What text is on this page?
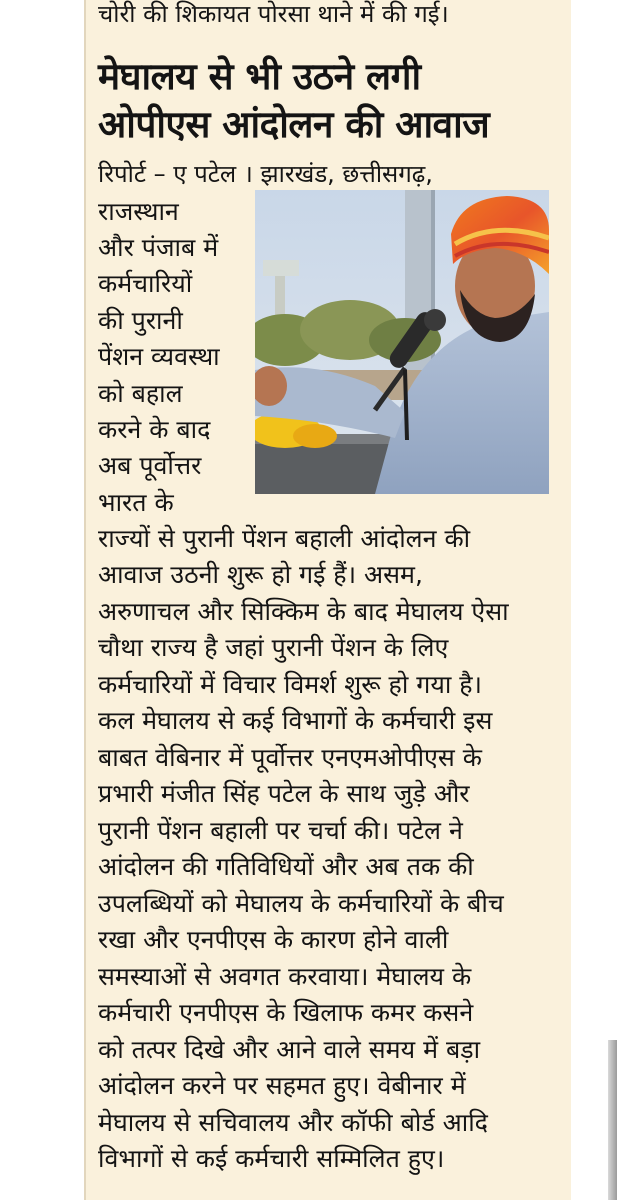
चोरी की शिकायत पोरसा थाने में की गई।
मेघालय से भी उठने लगी
ओपीएस आंदोलन की आवाज
रिपोर्ट – ए पटेल । झारखंड, छत्तीसगढ़,
राजस्थान
और पंजाब में
कर्मचारियों
की पुरानी
पेंशन व्यवस्था
को बहाल
करने के बाद
अब पूर्वोत्तर
भारत के
राज्यों से पुरानी पेंशन बहाली आंदोलन की
आवाज उठनी शुरू हो गई हैं। असम,
अरुणाचल और सिक्किम के बाद मेघालय ऐसा
चौथा राज्य है जहां पुरानी पेंशन के लिए
कर्मचारियों में विचार विमर्श शुरू हो गया है।
कल मेघालय से कई विभागों के कर्मचारी इस
बाबत वेबिनार में पूर्वोत्तर एनएमओपीएस के
प्रभारी मंजीत सिंह पटेल के साथ जुड़े और
पुरानी पेंशन बहाली पर चर्चा की। पटेल ने
आंदोलन की गतिविधियों और अब तक की
उपलब्धियों को मेघालय के कर्मचारियों के बीच
रखा और एनपीएस के कारण होने वाली
समस्याओं से अवगत करवाया। मेघालय के
कर्मचारी एनपीएस के खिलाफ कमर कसने
को तत्पर दिखे और आने वाले समय में बड़ा
आंदोलन करने पर सहमत हुए। वेबीनार में
मेघालय से सचिवालय और कॉफी बोर्ड आदि
विभागों से कई कर्मचारी सम्मिलित हुए।
